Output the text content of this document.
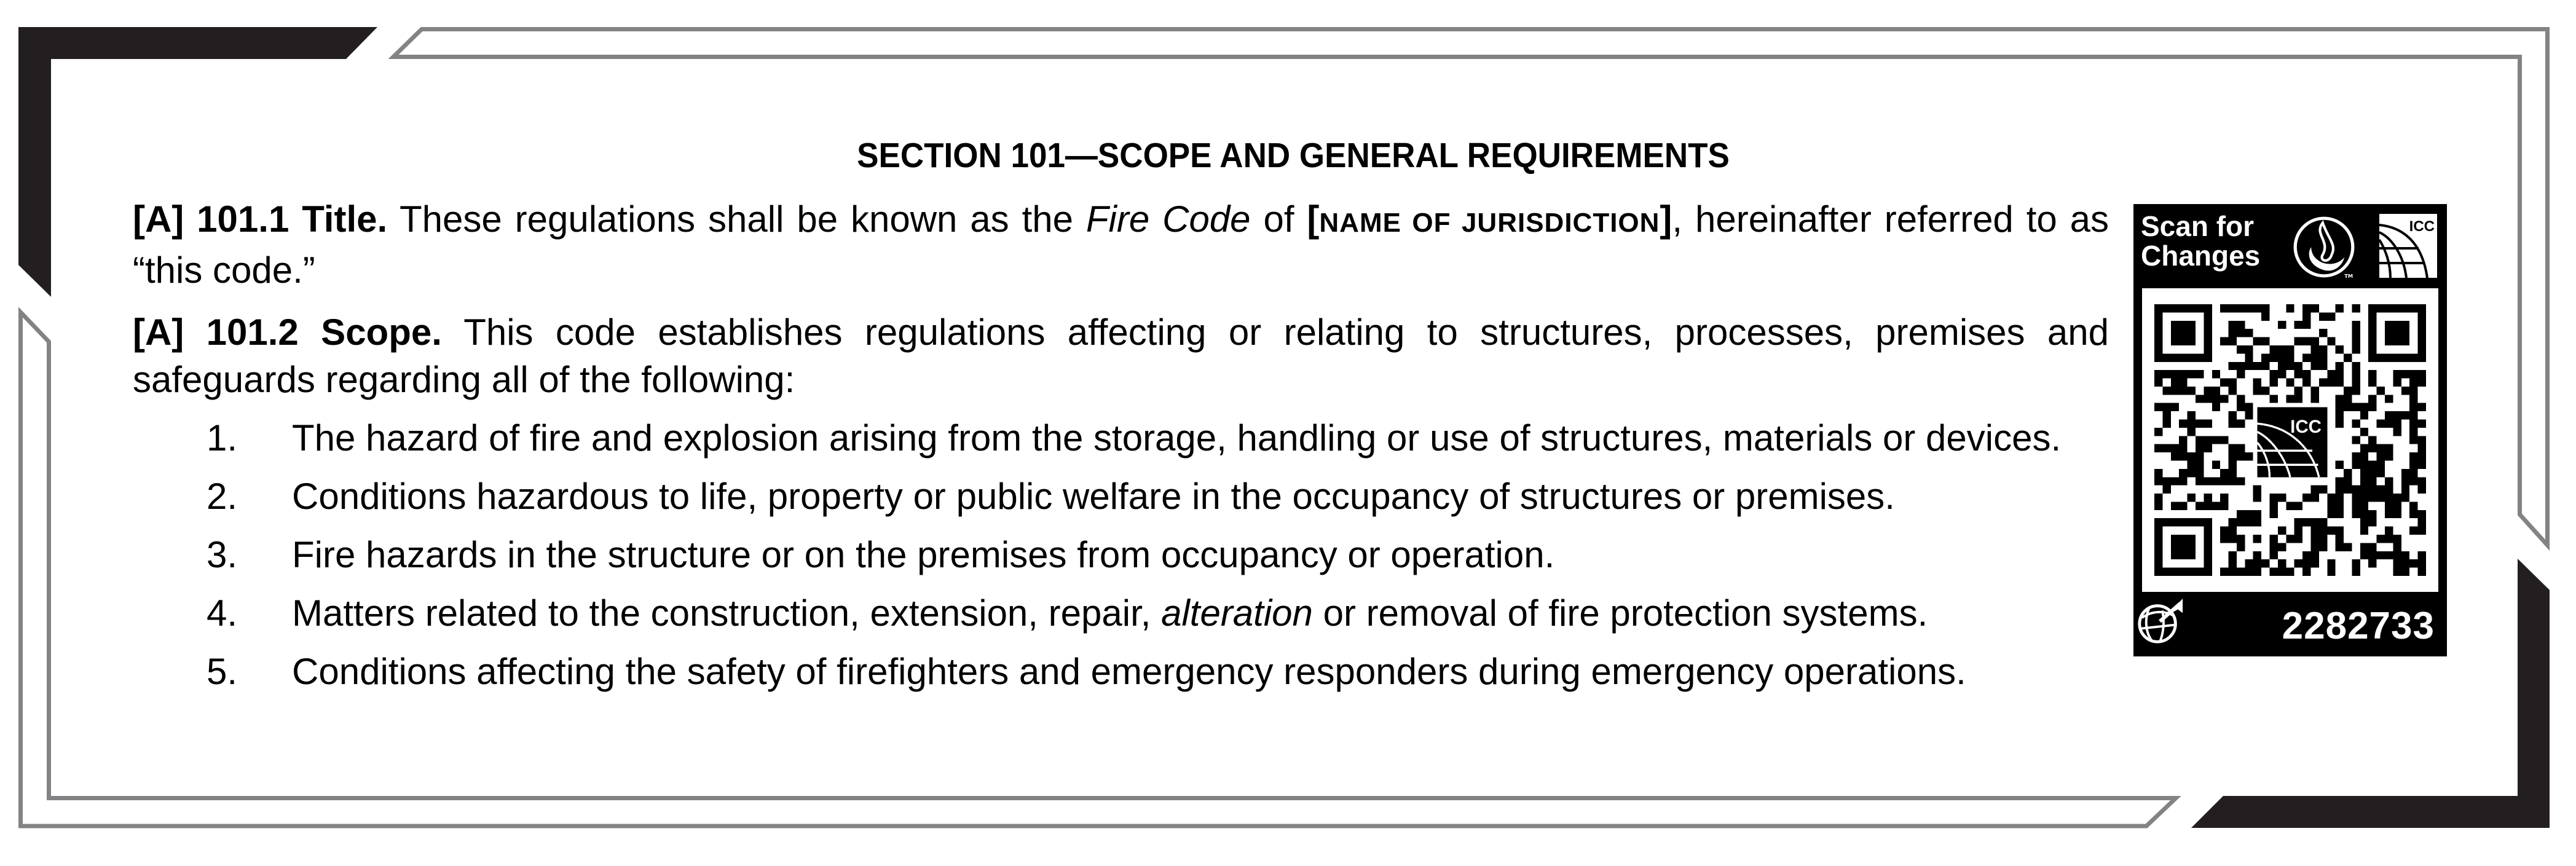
SECTION 101—SCOPE AND GENERAL REQUIREMENTS

[A] 101.1 Title. These regulations shall be known as the Fire Code of [NAME OF JURISDICTION], hereinafter referred to as “this code.”

[A] 101.2 Scope. This code establishes regulations affecting or relating to structures, processes, premises and safeguards regarding all of the following:

1.	The hazard of fire and explosion arising from the storage, handling or use of structures, materials or devices.
2.	Conditions hazardous to life, property or public welfare in the occupancy of structures or premises.
3.	Fire hazards in the structure or on the premises from occupancy or operation.
4.	Matters related to the construction, extension, repair, alteration or removal of fire protection systems.
5.	Conditions affecting the safety of firefighters and emergency responders during emergency operations.
Scan for
Changes
TM
ICC
ICC
2282733
